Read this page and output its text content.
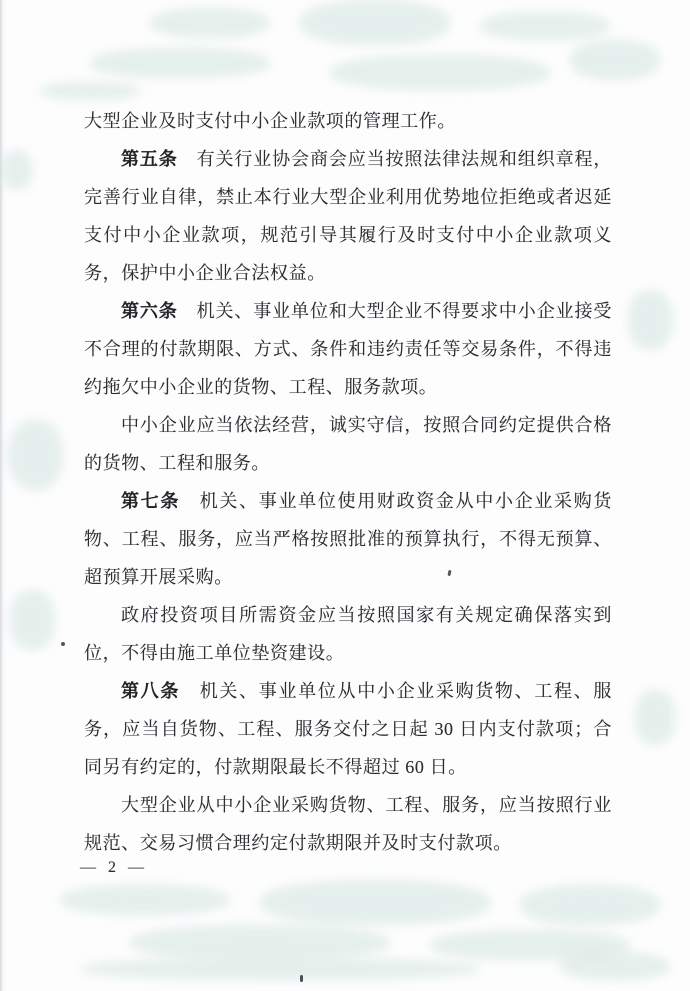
大型企业及时支付中小企业款项的管理工作。
第五条　有关行业协会商会应当按照法律法规和组织章程，
完善行业自律，禁止本行业大型企业利用优势地位拒绝或者迟延
支付中小企业款项，规范引导其履行及时支付中小企业款项义
务，保护中小企业合法权益。
第六条　机关、事业单位和大型企业不得要求中小企业接受
不合理的付款期限、方式、条件和违约责任等交易条件，不得违
约拖欠中小企业的货物、工程、服务款项。
中小企业应当依法经营，诚实守信，按照合同约定提供合格
的货物、工程和服务。
第七条　机关、事业单位使用财政资金从中小企业采购货
物、工程、服务，应当严格按照批准的预算执行，不得无预算、
超预算开展采购。
政府投资项目所需资金应当按照国家有关规定确保落实到
位，不得由施工单位垫资建设。
第八条　机关、事业单位从中小企业采购货物、工程、服
务，应当自货物、工程、服务交付之日起 30 日内支付款项；合
同另有约定的，付款期限最长不得超过 60 日。
大型企业从中小企业采购货物、工程、服务，应当按照行业
规范、交易习惯合理约定付款期限并及时支付款项。
— 2 —
